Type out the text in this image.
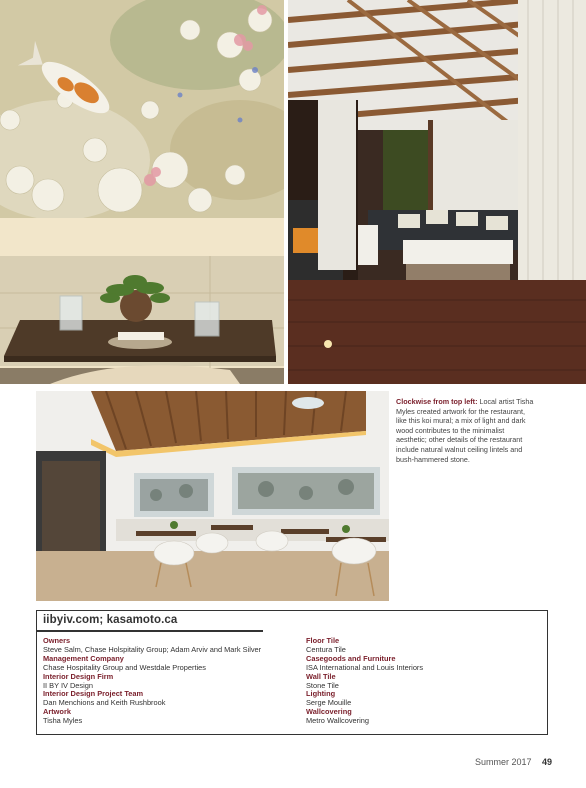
Clockwise from top left: Local artist Tisha Myles created artwork for the restaurant, like this koi mural; a mix of light and dark wood contributes to the minimalist aesthetic; other details of the restaurant include natural walnut ceiling lintels and bush-hammered stone.
iibyiv.com; kasamoto.ca
Owners
Steve Salm, Chase Holspitality Group; Adam Arviv and Mark Silver
Management Company
Chase Hospitality Group and Westdale Properties
Interior Design Firm
II BY IV Design
Interior Design Project Team
Dan Menchions and Keith Rushbrook
Artwork
Tisha Myles
Floor Tile
Centura Tile
Casegoods and Furniture
ISA International and Louis Interiors
Wall Tile
Stone Tile
Lighting
Serge Mouille
Wallcovering
Metro Wallcovering
Summer 2017 49
